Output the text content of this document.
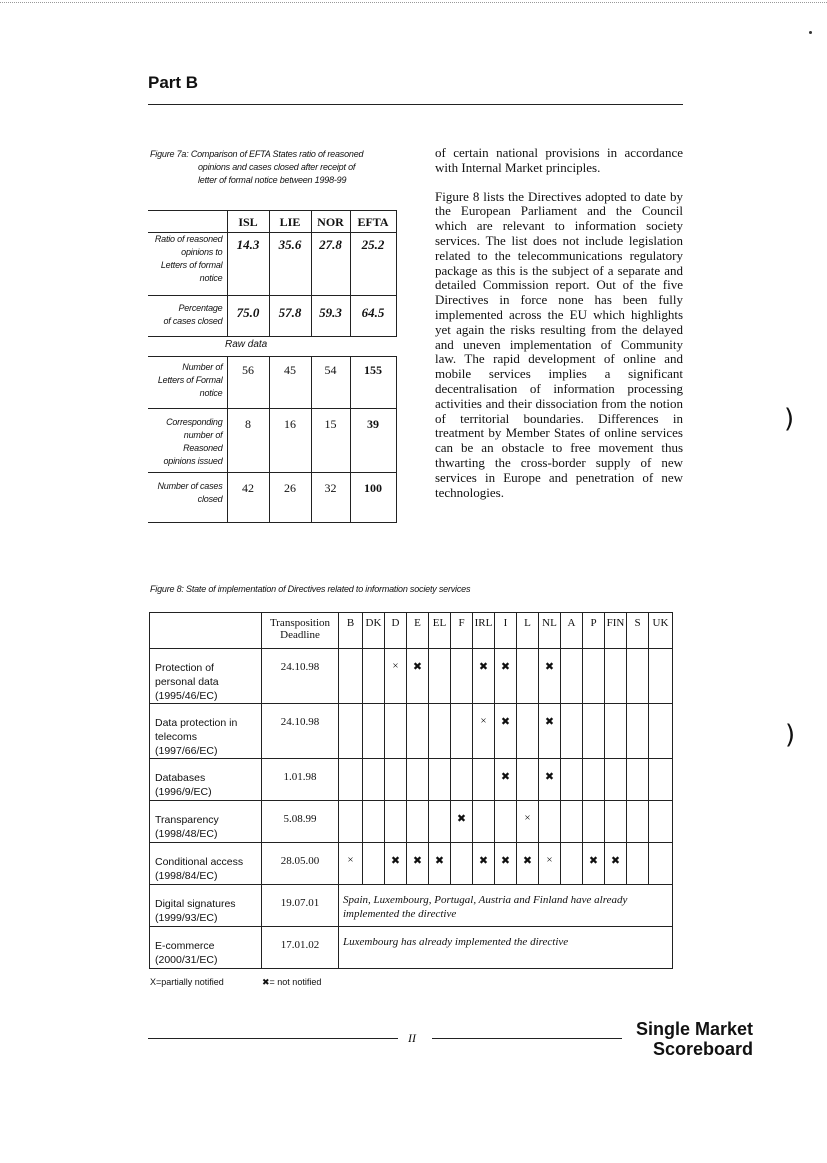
Part B
Figure 7a: Comparison of EFTA States ratio of reasoned
opinions and cases closed after receipt of
letter of formal notice between 1998-99
	ISL	LIE	NOR	EFTA

Ratio of reasoned
opinions to
Letters of formal
notice	14.3	35.6	27.8	25.2

Percentage
of cases closed	75.0	57.8	59.3	64.5
Raw data
Number of
Letters of Formal
notice	56	45	54	155

Corresponding
number of
Reasoned
opinions issued	8	16	15	39

Number of cases
closed	42	26	32	100

of certain national provisions in accordance with Internal Market principles.

Figure 8 lists the Directives adopted to date by the European Parliament and the Council which are relevant to information society services. The list does not include legislation related to the telecommunications regulatory package as this is the subject of a separate and detailed Commission report. Out of the five Directives in force none has been fully implemented across the EU which highlights yet again the risks resulting from the delayed and uneven implementation of Community law. The rapid development of online and mobile services implies a significant decentralisation of information processing activities and their dissociation from the notion of territorial boundaries. Differences in treatment by Member States of online services can be an obstacle to free movement thus thwarting the cross-border supply of new services in Europe and penetration of new technologies.

Figure 8: State of implementation of Directives related to information society services

	Transposition
Deadline	B	DK	D	E	EL	F	IRL	I	L	NL	A	P	FIN	S	UK

Protection of
personal data
(1995/46/EC)	24.10.98			×	✖			✖	✖		✖					

Data protection in
telecoms
(1997/66/EC)	24.10.98							×	✖		✖					

Databases
(1996/9/EC)	1.01.98								✖		✖					

Transparency
(1998/48/EC)	5.08.99						✖			×						

Conditional access
(1998/84/EC)	28.05.00	×		✖	✖	✖		✖	✖	✖	×		✖	✖		

Digital signatures
(1999/93/EC)	19.07.01	Spain, Luxembourg, Portugal, Austria and Finland have already implemented the directive														

E-commerce
(2000/31/EC)	17.01.02	Luxembourg has already implemented the directive														
X=partially notified	✖= not notified
II	Single Market
Scoreboard
)
)
